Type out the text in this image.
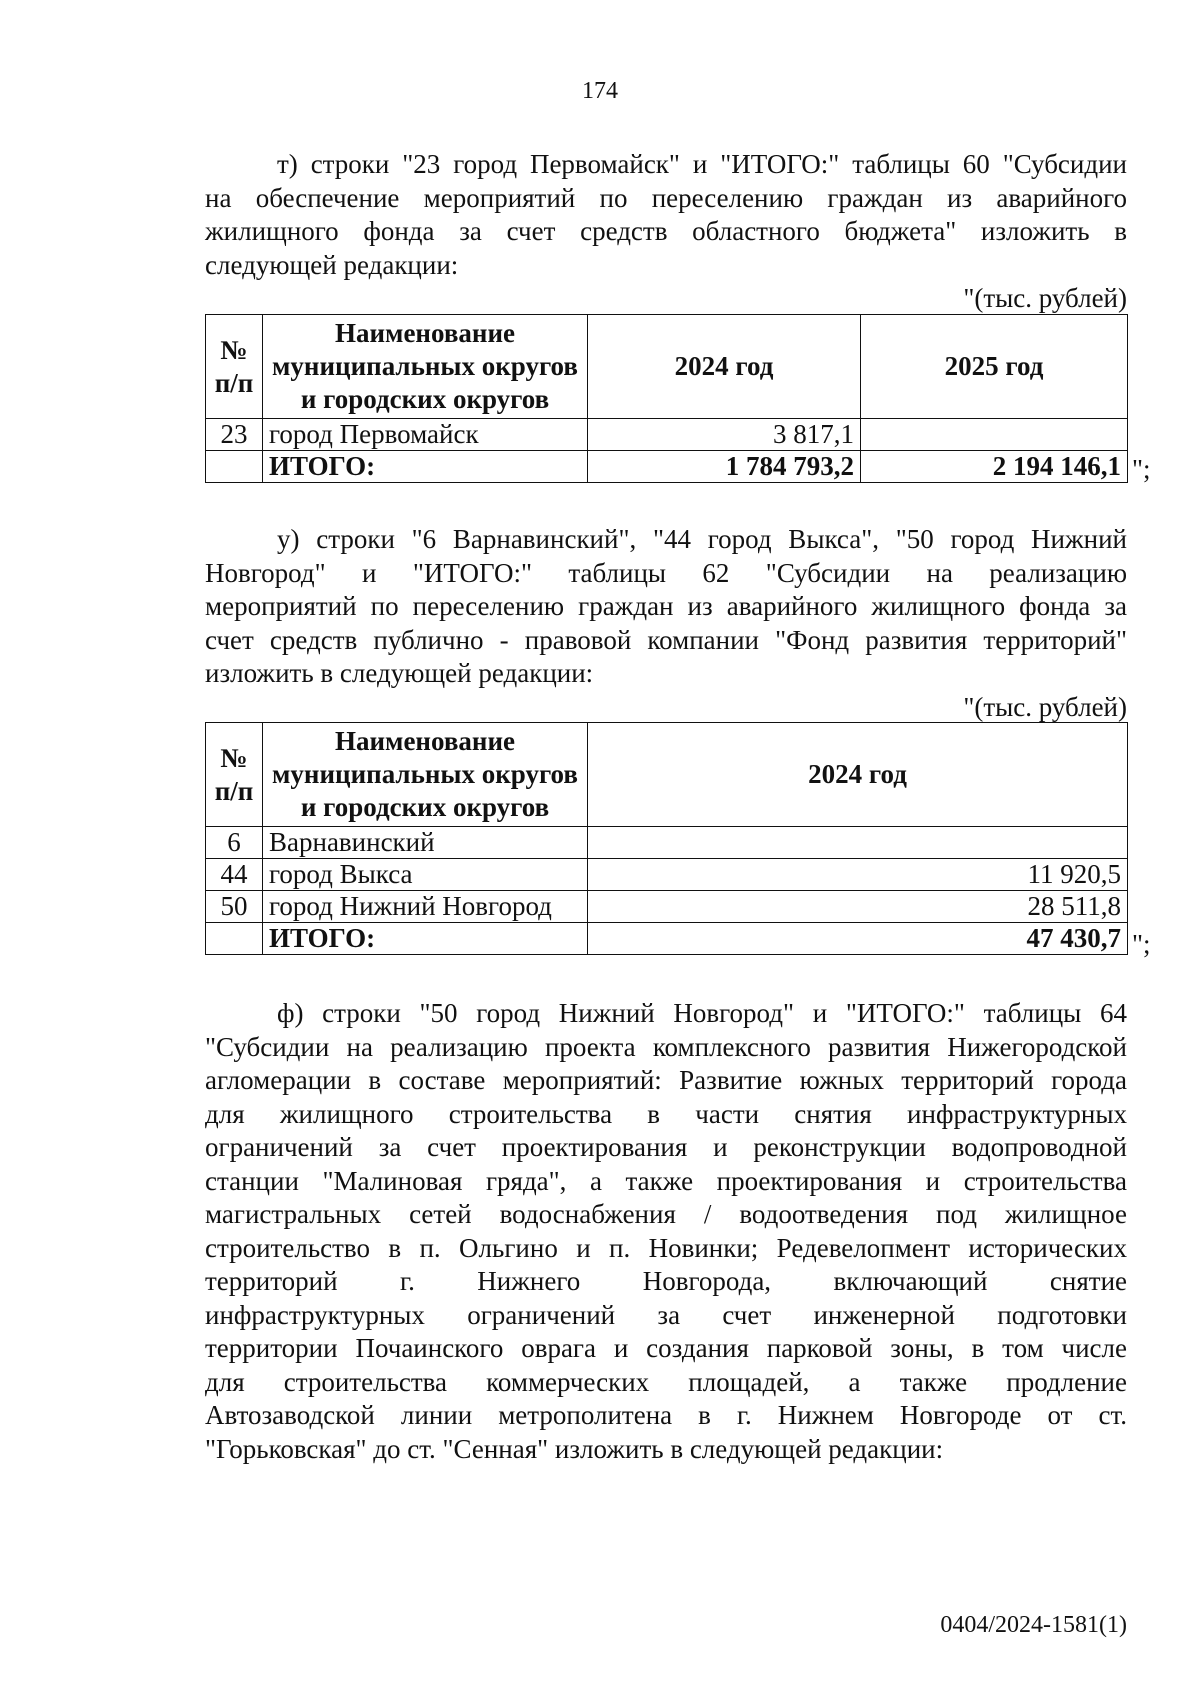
174
т) строки "23 город Первомайск" и "ИТОГО:" таблицы 60 "Субсидии
на обеспечение мероприятий по переселению граждан из аварийного
жилищного фонда за счет средств областного бюджета" изложить в
следующей редакции:
"(тыс. рублей)
№ п/п	Наименование муниципальных округов и городских округов	2024 год	2025 год
23	город Первомайск	3 817,1	
	ИТОГО:	1 784 793,2	2 194 146,1 ";
у) строки "6 Варнавинский", "44 город Выкса", "50 город Нижний
Новгород" и "ИТОГО:" таблицы 62 "Субсидии на реализацию
мероприятий по переселению граждан из аварийного жилищного фонда за
счет средств публично - правовой компании "Фонд развития территорий"
изложить в следующей редакции:
"(тыс. рублей)
№ п/п	Наименование муниципальных округов и городских округов	2024 год
6	Варнавинский	
44	город Выкса	11 920,5
50	город Нижний Новгород	28 511,8
	ИТОГО:	47 430,7 ";
ф) строки "50 город Нижний Новгород" и "ИТОГО:" таблицы 64
"Субсидии на реализацию проекта комплексного развития Нижегородской
агломерации в составе мероприятий: Развитие южных территорий города
для жилищного строительства в части снятия инфраструктурных
ограничений за счет проектирования и реконструкции водопроводной
станции "Малиновая гряда", а также проектирования и строительства
магистральных сетей водоснабжения / водоотведения под жилищное
строительство в п. Ольгино и п. Новинки; Редевелопмент исторических
территорий г. Нижнего Новгорода, включающий снятие
инфраструктурных ограничений за счет инженерной подготовки
территории Почаинского оврага и создания парковой зоны, в том числе
для строительства коммерческих площадей, а также продление
Автозаводской линии метрополитена в г. Нижнем Новгороде от ст.
"Горьковская" до ст. "Сенная" изложить в следующей редакции:
0404/2024-1581(1)
